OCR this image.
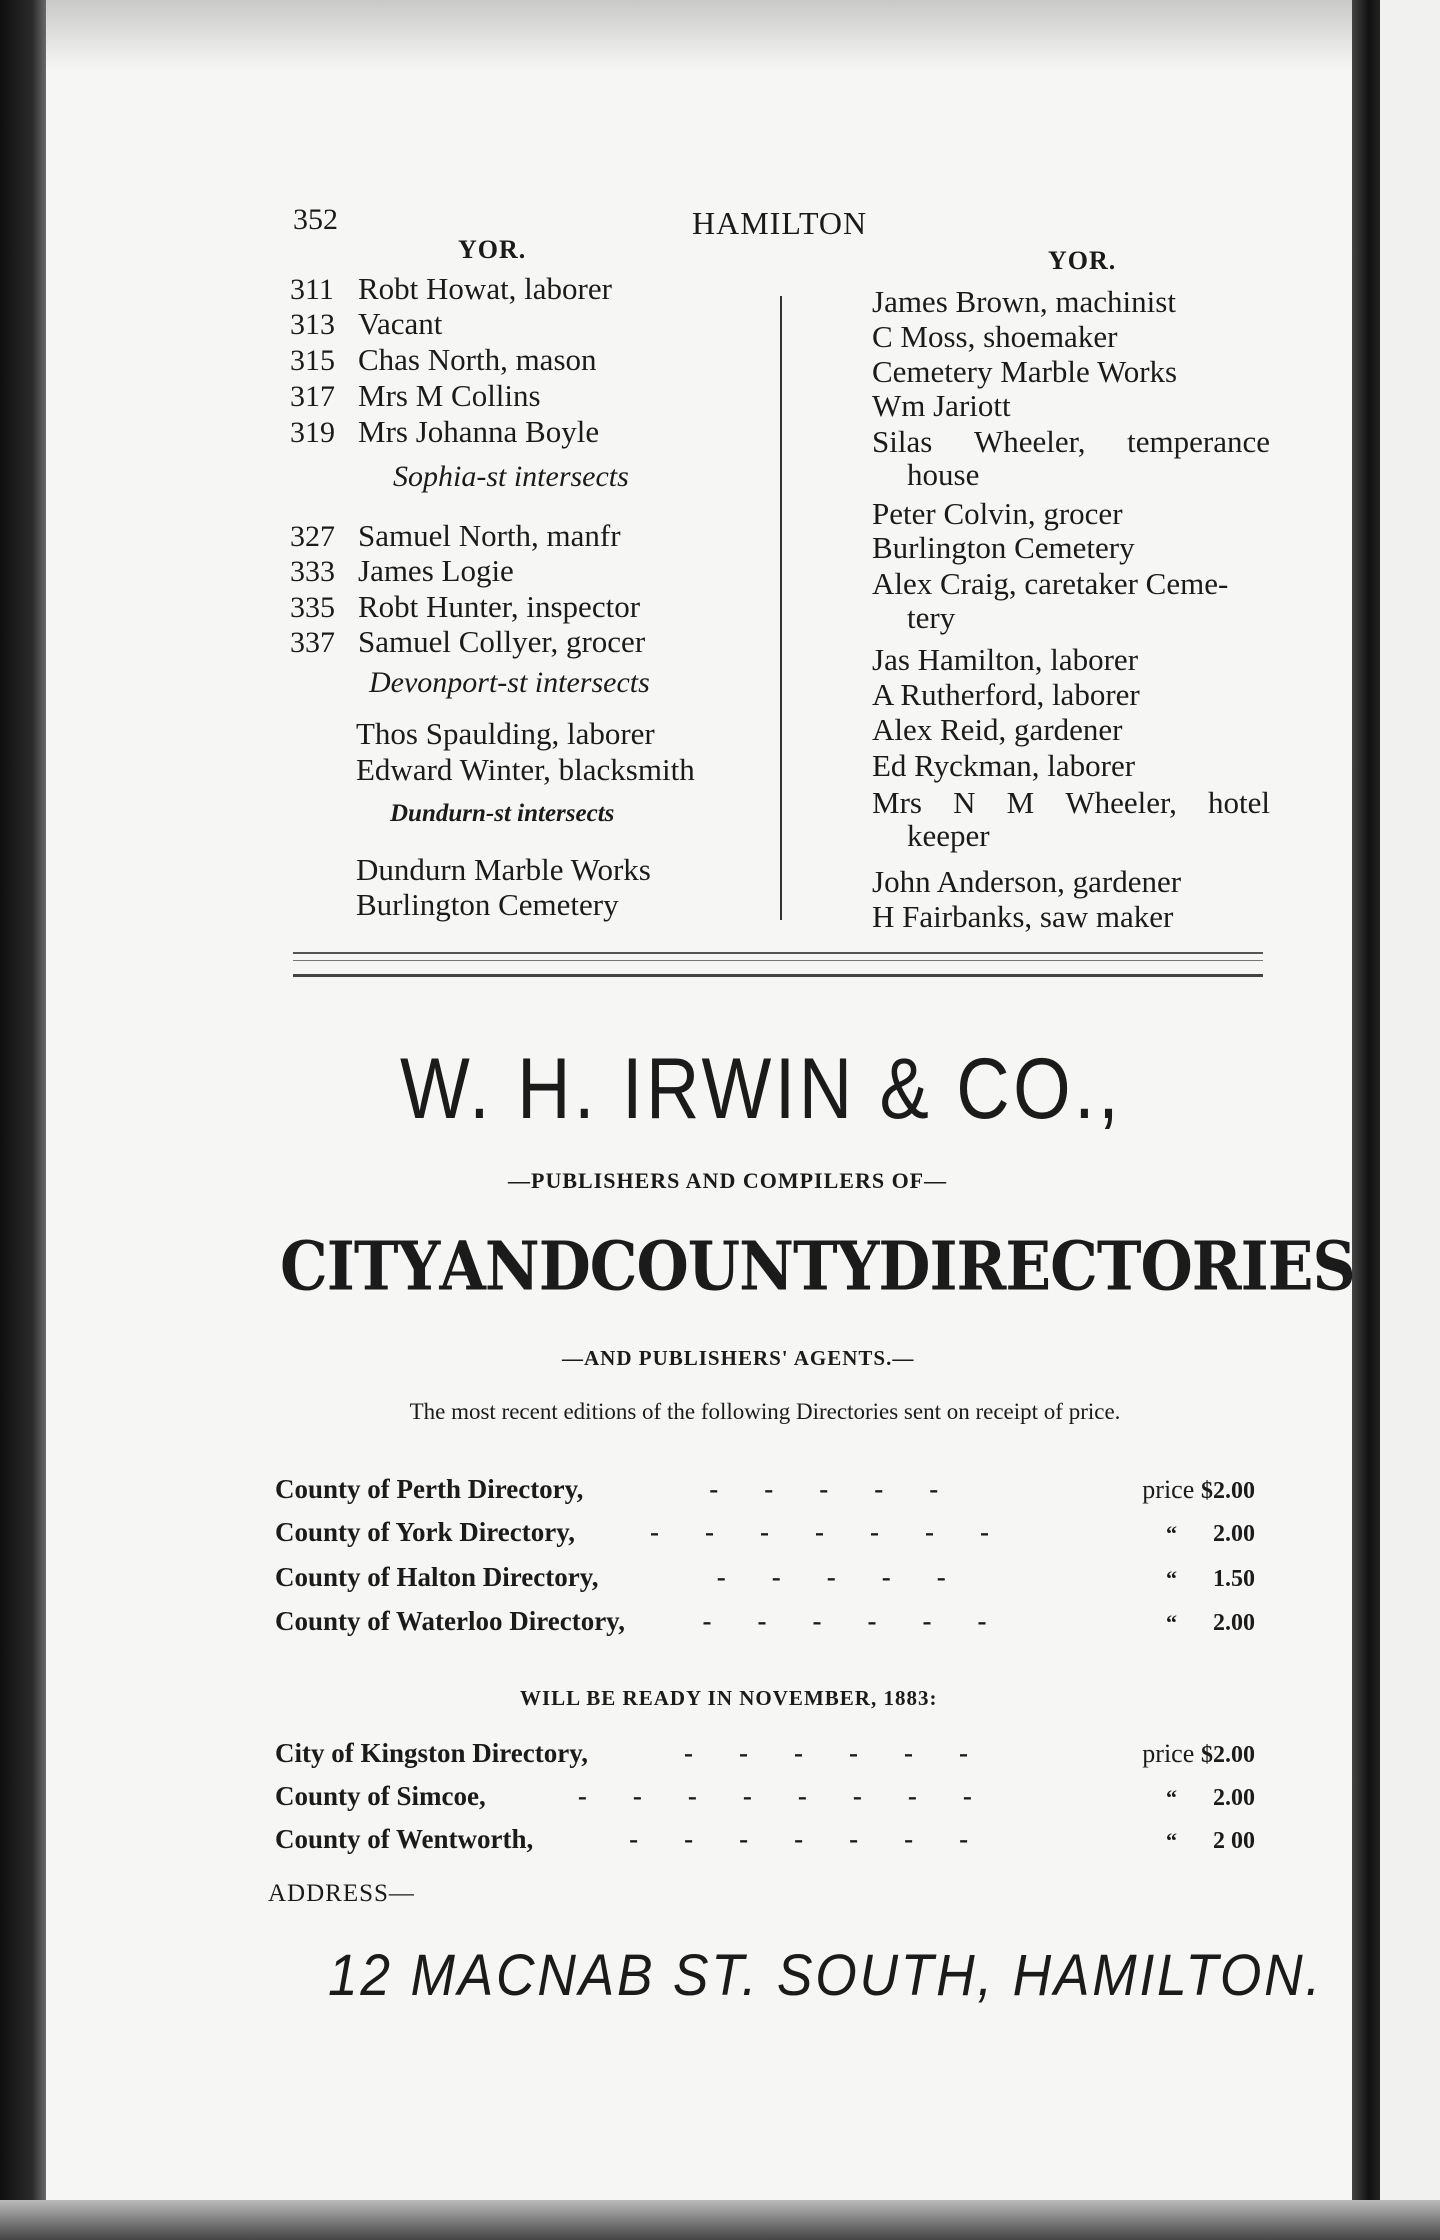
352	HAMILTON
YOR.	YOR.
311 Robt Howat, laborer
313 Vacant
315 Chas North, mason
317 Mrs M Collins
319 Mrs Johanna Boyle
Sophia-st intersects
327 Samuel North, manfr
333 James Logie
335 Robt Hunter, inspector
337 Samuel Collyer, grocer
Devonport-st intersects
Thos Spaulding, laborer
Edward Winter, blacksmith
Dundurn-st intersects
Dundurn Marble Works
Burlington Cemetery
James Brown, machinist
C Moss, shoemaker
Cemetery Marble Works
Wm Jariott
Silas Wheeler, temperance
house
Peter Colvin, grocer
Burlington Cemetery
Alex Craig, caretaker Ceme-
tery
Jas Hamilton, laborer
A Rutherford, laborer
Alex Reid, gardener
Ed Ryckman, laborer
Mrs N M Wheeler, hotel
keeper
John Anderson, gardener
H Fairbanks, saw maker
W. H. IRWIN & CO.,
—PUBLISHERS AND COMPILERS OF—
CITY AND COUNTY DIRECTORIES
—AND PUBLISHERS' AGENTS.—
The most recent editions of the following Directories sent on receipt of price.
County of Perth Directory,	-----	price $2.00
County of York Directory,	-------	“ 2.00
County of Halton Directory,	-----	“ 1.50
County of Waterloo Directory,	------	“ 2.00
WILL BE READY IN NOVEMBER, 1883:
City of Kingston Directory,	------	price $2.00
County of Simcoe,	--------	“ 2.00
County of Wentworth,	-------	“ 2 00
ADDRESS—
12 MACNAB ST. SOUTH, HAMILTON.
